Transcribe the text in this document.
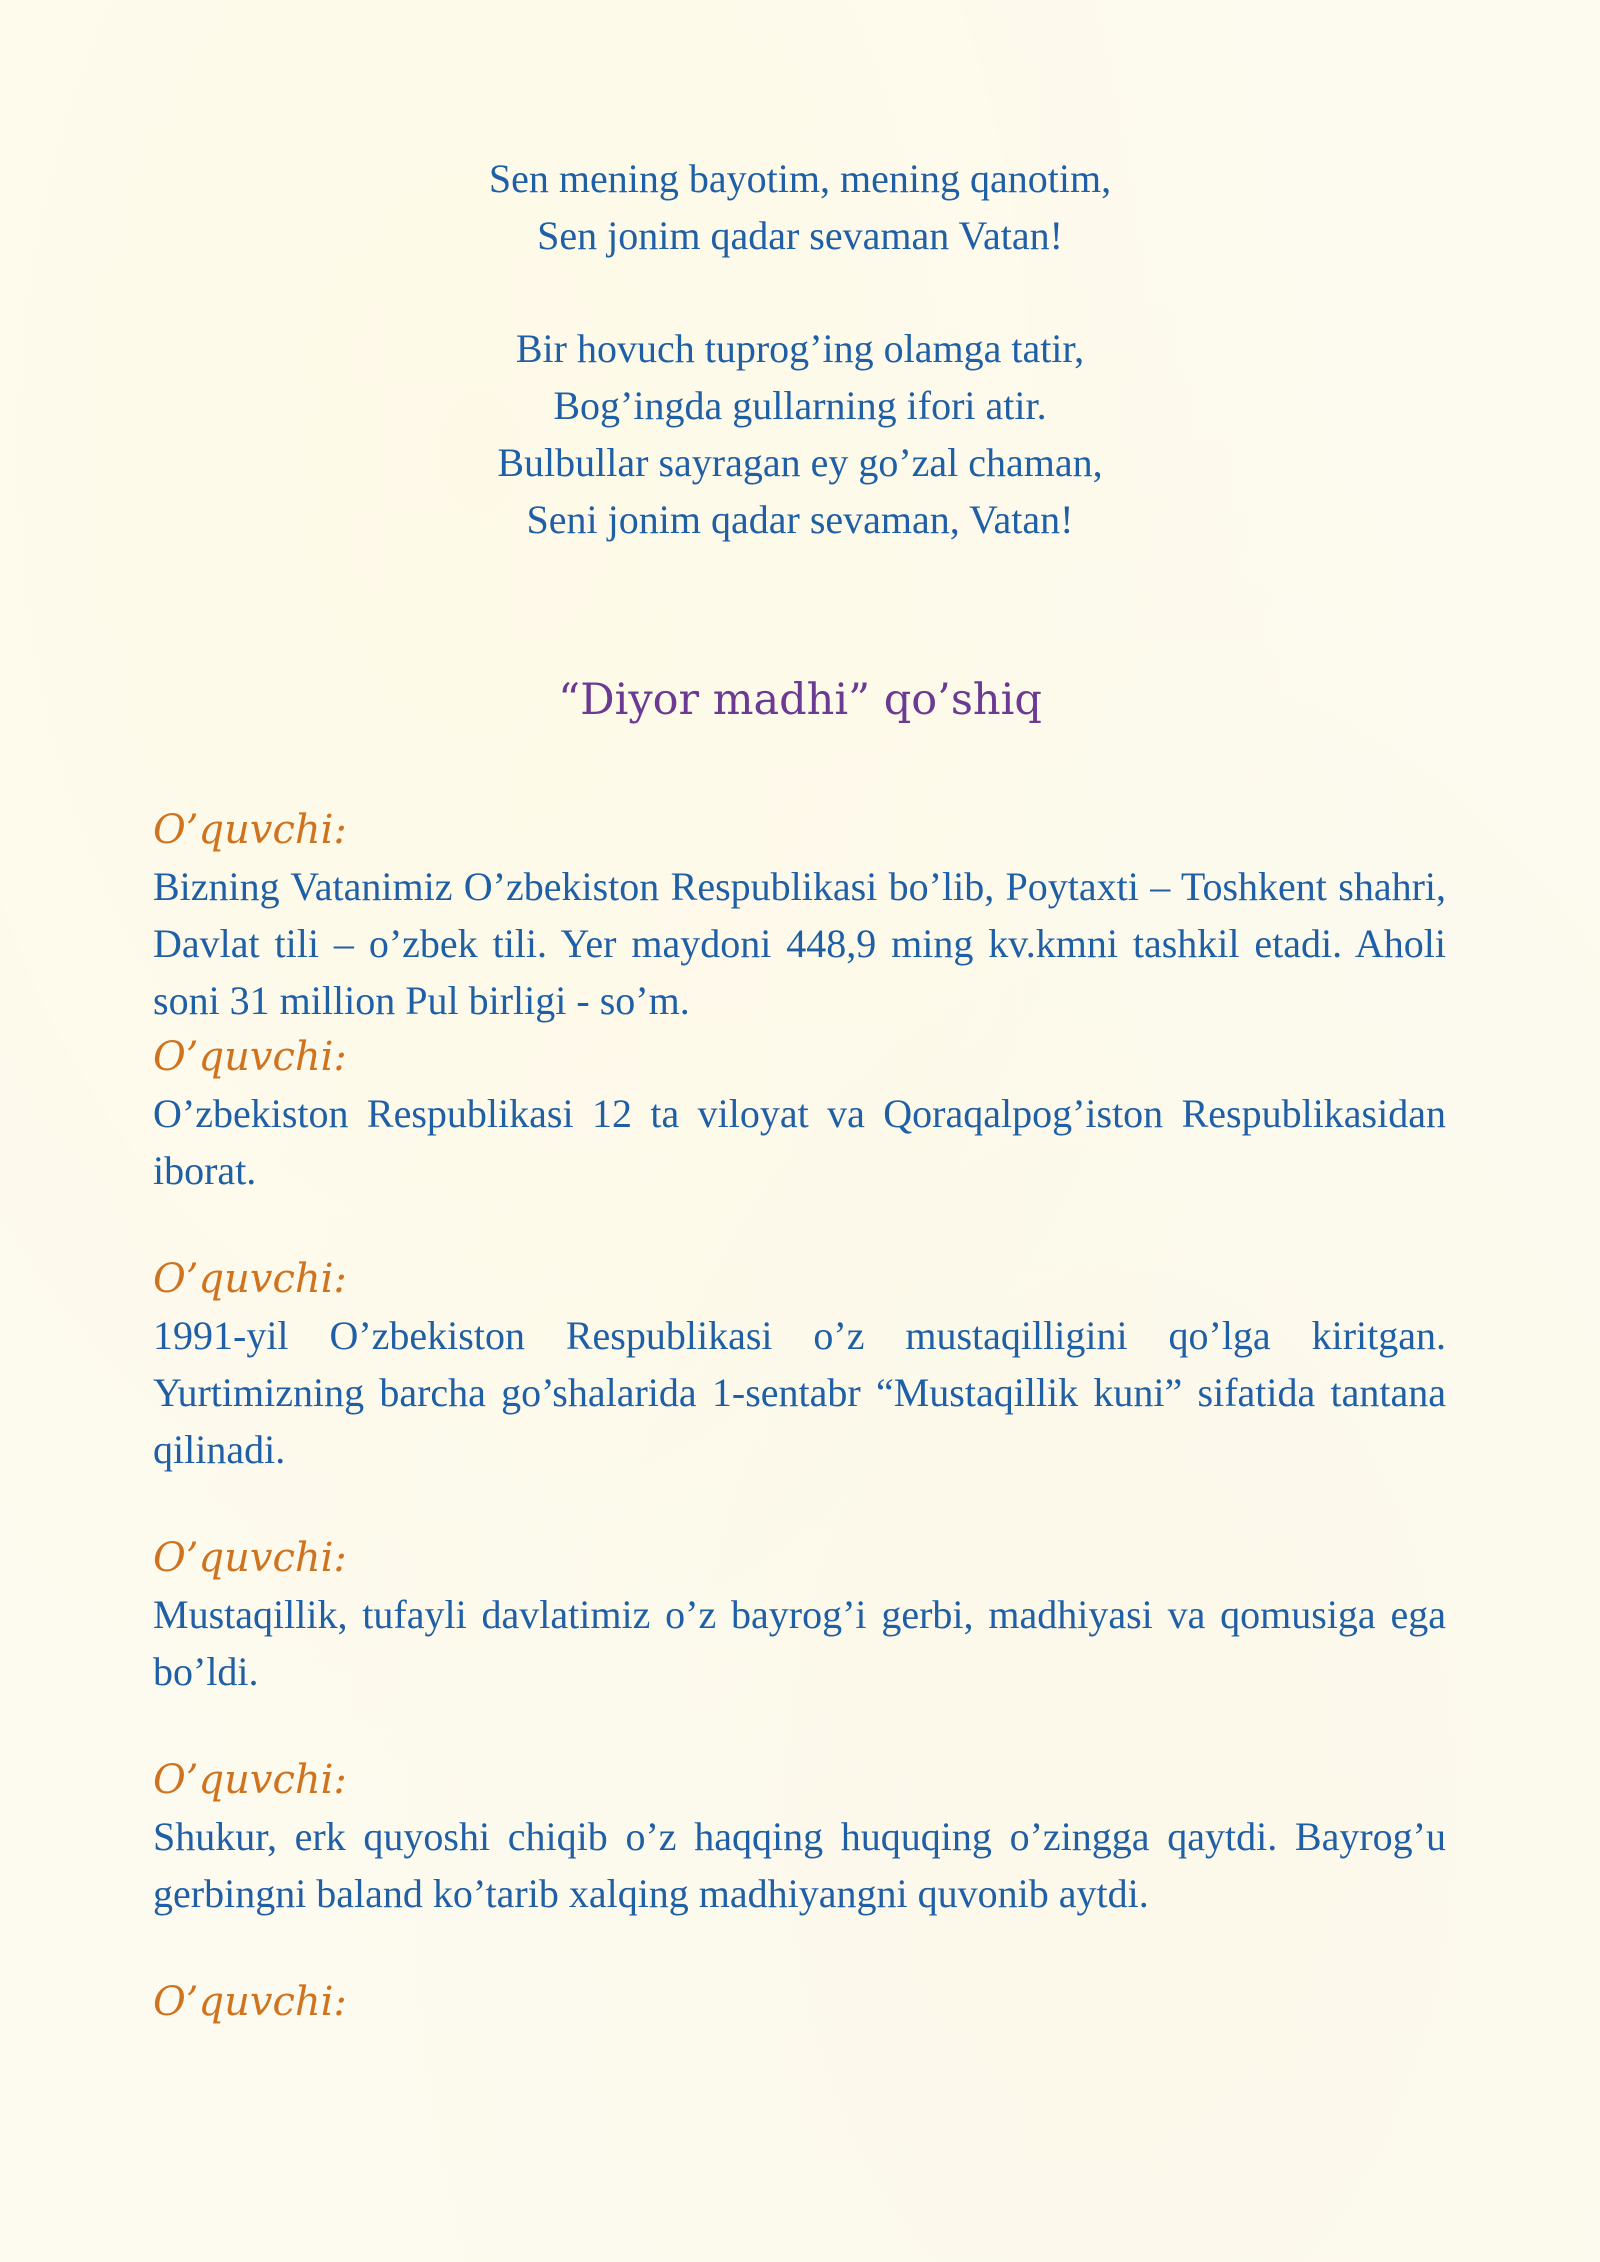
Sen mening bayotim, mening qanotim,
Sen jonim qadar sevaman Vatan!
Bir hovuch tuprog’ing olamga tatir,
Bog’ingda gullarning ifori atir.
Bulbullar sayragan ey go’zal chaman,
Seni jonim qadar sevaman, Vatan!
“Diyor madhi” qo’shiq
O’quvchi:
Bizning Vatanimiz O’zbekiston Respublikasi bo’lib, Poytaxti – Toshkent shahri, Davlat tili – o’zbek tili. Yer maydoni 448,9 ming kv.kmni tashkil etadi. Aholi soni 31 million Pul birligi - so’m.
O’quvchi:
O’zbekiston Respublikasi 12 ta viloyat va Qoraqalpog’iston Respublikasidan iborat.
O’quvchi:
1991-yil O’zbekiston Respublikasi o’z mustaqilligini qo’lga kiritgan. Yurtimizning barcha go’shalarida 1-sentabr “Mustaqillik kuni” sifatida tantana qilinadi.
O’quvchi:
Mustaqillik, tufayli davlatimiz o’z bayrog’i gerbi, madhiyasi va qomusiga ega bo’ldi.
O’quvchi:
Shukur, erk quyoshi chiqib o’z haqqing huquqing o’zingga qaytdi. Bayrog’u gerbingni baland ko’tarib xalqing madhiyangni quvonib aytdi.
O’quvchi:
